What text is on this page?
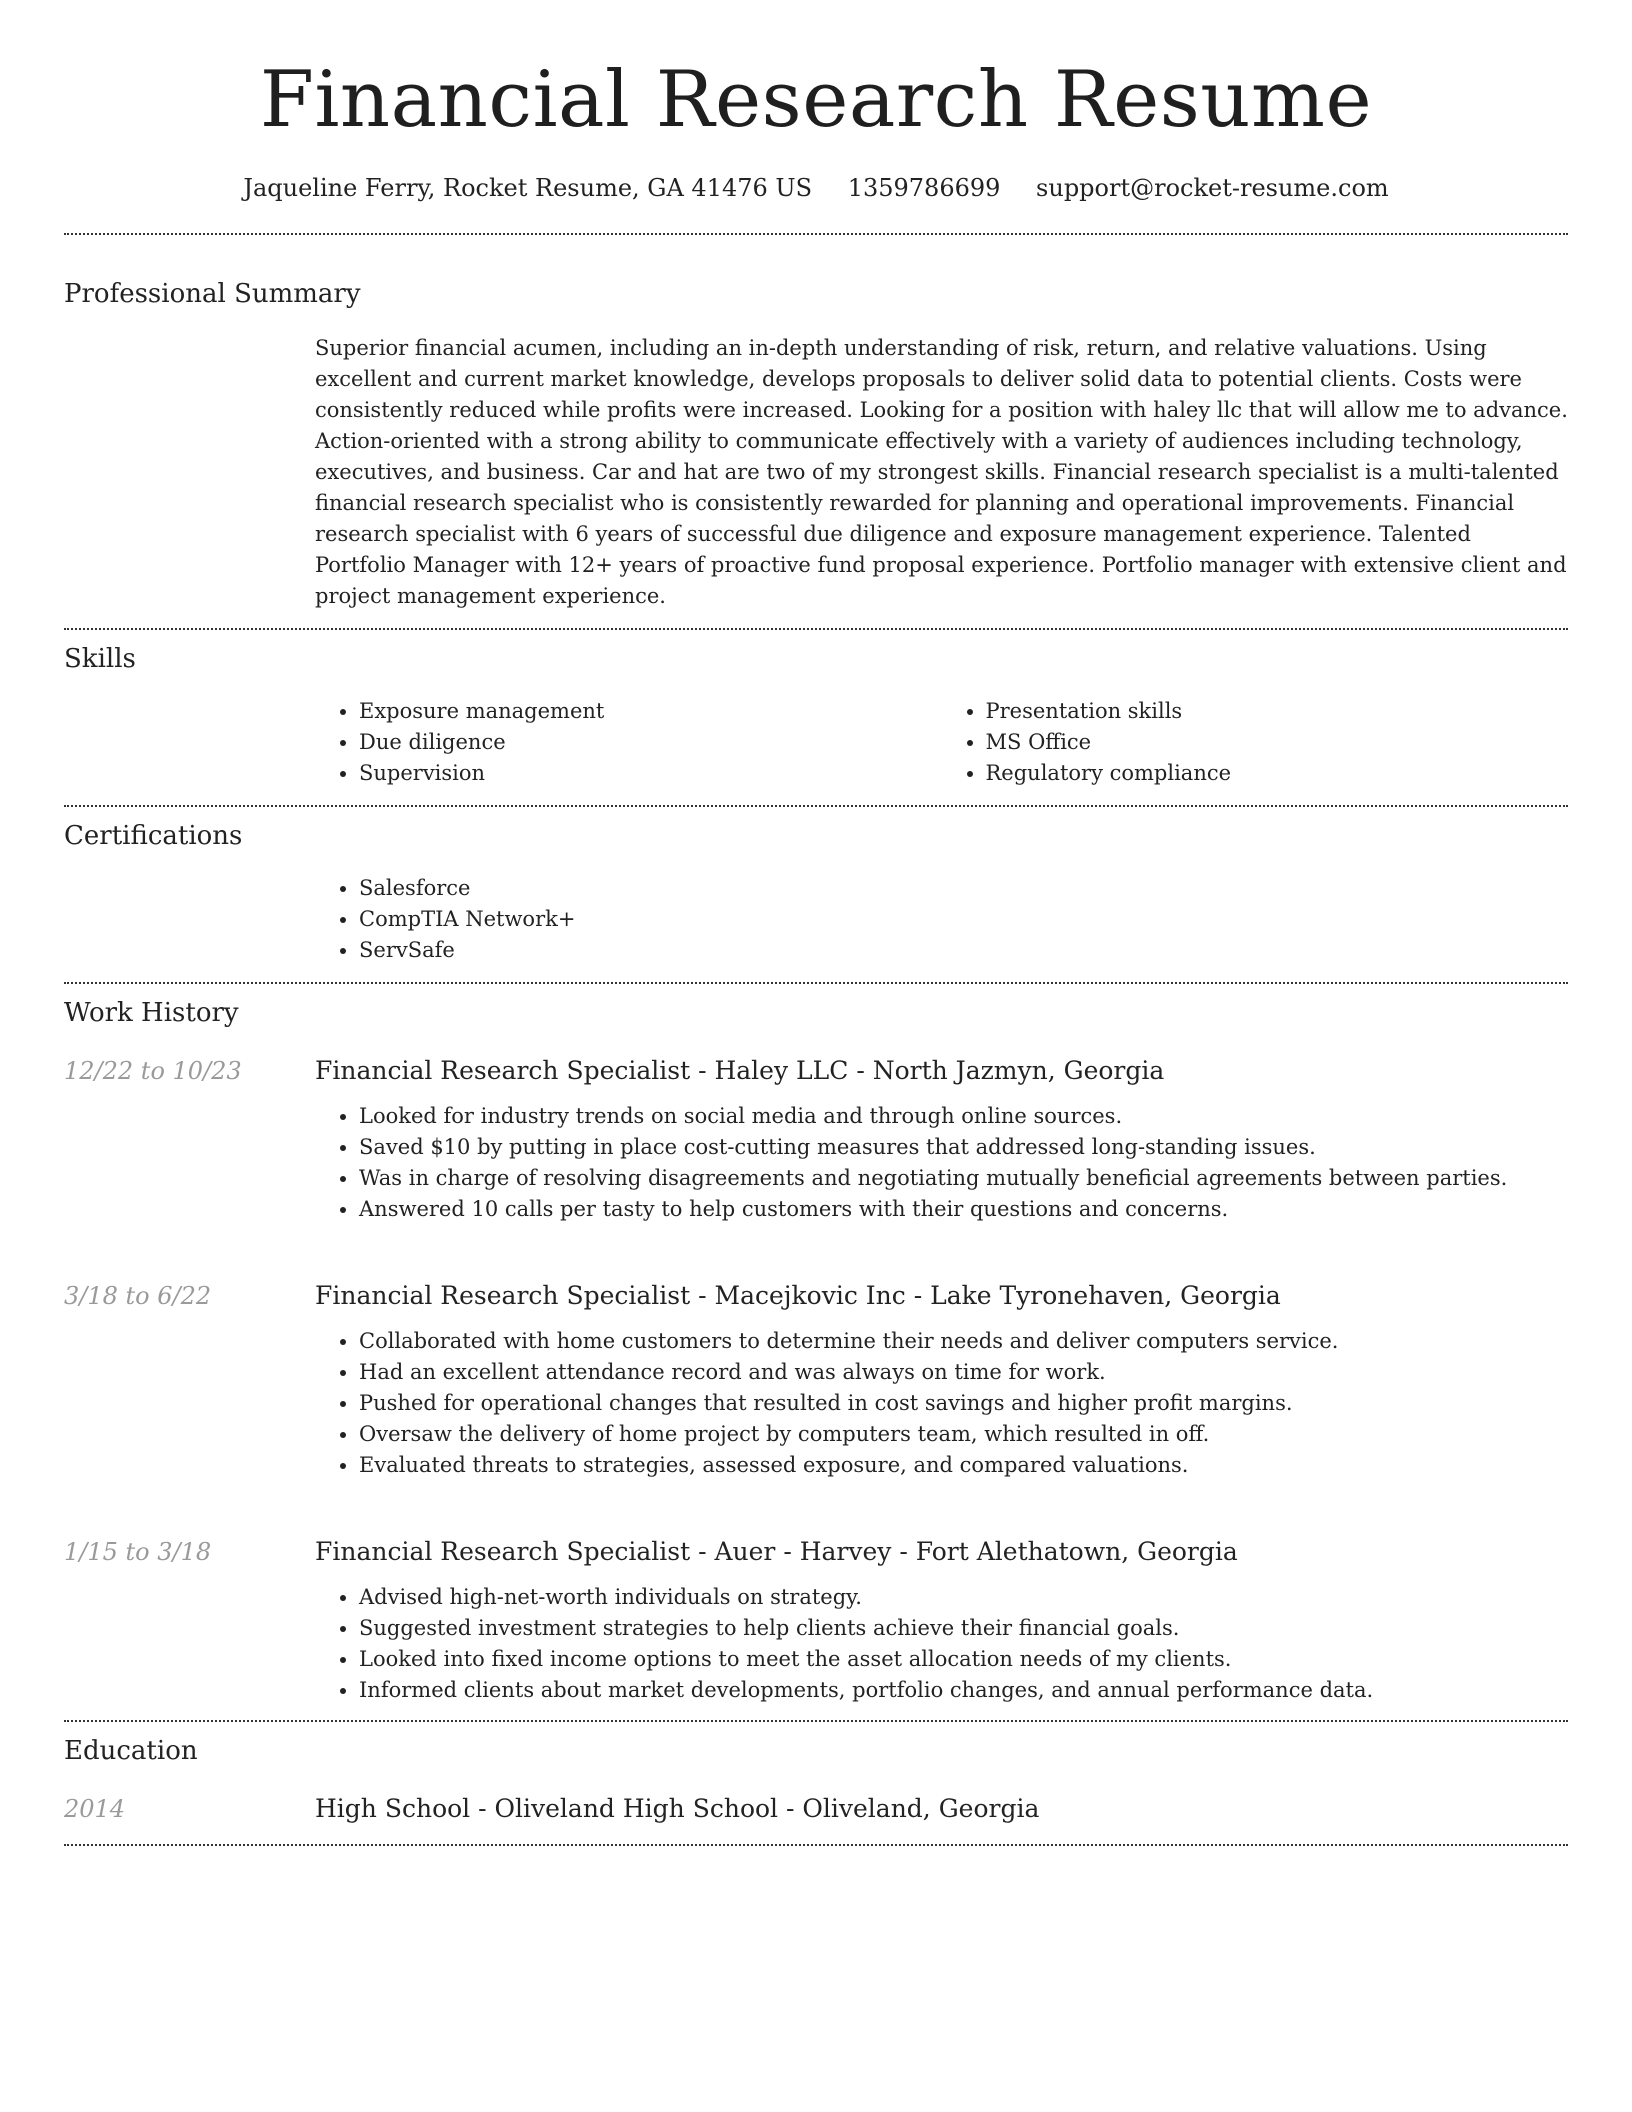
Financial Research Resume
Jaqueline Ferry, Rocket Resume, GA 41476 US 1359786699 support@rocket-resume.com
Professional Summary

Superior financial acumen, including an in-depth understanding of risk, return, and relative valuations. Using excellent and current market knowledge, develops proposals to deliver solid data to potential clients. Costs were consistently reduced while profits were increased. Looking for a position with haley llc that will allow me to advance. Action-oriented with a strong ability to communicate effectively with a variety of audiences including technology, executives, and business. Car and hat are two of my strongest skills. Financial research specialist is a multi-talented financial research specialist who is consistently rewarded for planning and operational improvements. Financial research specialist with 6 years of successful due diligence and exposure management experience. Talented Portfolio Manager with 12+ years of proactive fund proposal experience. Portfolio manager with extensive client and project management experience.

Skills
• Exposure management
• Due diligence
• Supervision
• Presentation skills
• MS Office
• Regulatory compliance
Certifications
• Salesforce
• CompTIA Network+
• ServSafe
Work History
12/22 to 10/23	Financial Research Specialist - Haley LLC - North Jazmyn, Georgia
• Looked for industry trends on social media and through online sources.
• Saved $10 by putting in place cost-cutting measures that addressed long-standing issues.
• Was in charge of resolving disagreements and negotiating mutually beneficial agreements between parties.
• Answered 10 calls per tasty to help customers with their questions and concerns.
3/18 to 6/22	Financial Research Specialist - Macejkovic Inc - Lake Tyronehaven, Georgia
• Collaborated with home customers to determine their needs and deliver computers service.
• Had an excellent attendance record and was always on time for work.
• Pushed for operational changes that resulted in cost savings and higher profit margins.
• Oversaw the delivery of home project by computers team, which resulted in off.
• Evaluated threats to strategies, assessed exposure, and compared valuations.
1/15 to 3/18	Financial Research Specialist - Auer - Harvey - Fort Alethatown, Georgia
• Advised high-net-worth individuals on strategy.
• Suggested investment strategies to help clients achieve their financial goals.
• Looked into fixed income options to meet the asset allocation needs of my clients.
• Informed clients about market developments, portfolio changes, and annual performance data.
Education
2014	High School - Oliveland High School - Oliveland, Georgia
